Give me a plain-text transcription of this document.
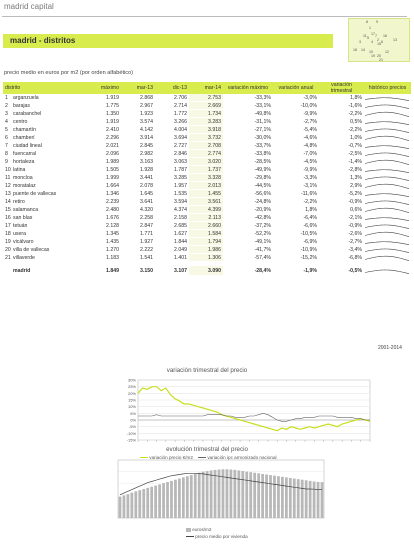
madrid capital
madrid - distritos
8 9
1
17
11 5
3	4 2
16
7
6
15
13
18 14 10	12
19 20
21
precio medio en euros por m2 (por orden alfabético)
distrito	máximo	mar-13	dic-13	mar-14	variación máximo	variación anual	variación trimestral	histórico precios
1 arganzuela	1.919	2.868	2.706	2.753	-33,3%	-3,0%	1,8%	

2 barajas	1.775	2.967	2.714	2.669	-33,1%	-10,0%	-1,6%	

3 carabanchel	1.350	1.923	1.772	1.734	-49,8%	-9,9%	-2,2%	

4 centro	1.919	3.574	3.266	3.283	-31,1%	-2,7%	0,5%	

5 chamartín	2.410	4.142	4.004	3.918	-27,1%	-5,4%	-2,2%	

6 chamberí	2.296	3.914	3.694	3.732	-30,0%	-4,6%	1,0%	

7 ciudad lineal	2.021	2.845	2.727	2.708	-33,7%	-4,8%	-0,7%	

8 fuencarral	2.096	2.982	2.846	2.774	-33,8%	-7,0%	-2,5%	

9 hortaleza	1.989	3.163	3.063	3.020	-28,5%	-4,5%	-1,4%	

10 latina	1.505	1.928	1.787	1.737	-49,9%	-9,9%	-2,8%	

11 moncloa	1.999	3.441	3.285	3.328	-29,8%	-3,3%	1,3%	

12 moratalaz	1.664	2.078	1.957	2.013	-44,5%	-3,1%	2,9%	

13 puente de vallecas	1.346	1.645	1.535	1.455	-56,6%	-11,6%	-5,2%	

14 retiro	2.239	3.641	3.594	3.561	-24,8%	-2,2%	-0,9%	

15 salamanca	2.480	4.320	4.374	4.399	-20,9%	1,8%	0,6%	

16 san blas	1.676	2.258	2.158	2.113	-42,8%	-6,4%	-2,1%	

17 tetuán	2.128	2.847	2.685	2.660	-37,2%	-6,6%	-0,9%	

18 usera	1.345	1.771	1.627	1.584	-52,2%	-10,5%	-2,6%	

19 vicálvaro	1.435	1.927	1.844	1.794	-49,1%	-6,9%	-2,7%	

20 villa de vallecas	1.270	2.222	2.049	1.986	-41,7%	-10,9%	-3,4%	

21 villaverde	1.183	1.541	1.401	1.306	-57,4%	-15,2%	-6,8%	

madrid	1.849	3.150	3.107	3.090	-28,4%	-1,9%	-0,5%	
2001-2014
variación trimestral del precio
30%
25%
20%
15%
10%
5%
0%
-5%
-10%
-15%
variación precio €/m2	variación ipc armonizado nacional
evolución trimestral del precio
euros/m2
precio medio por vivienda
